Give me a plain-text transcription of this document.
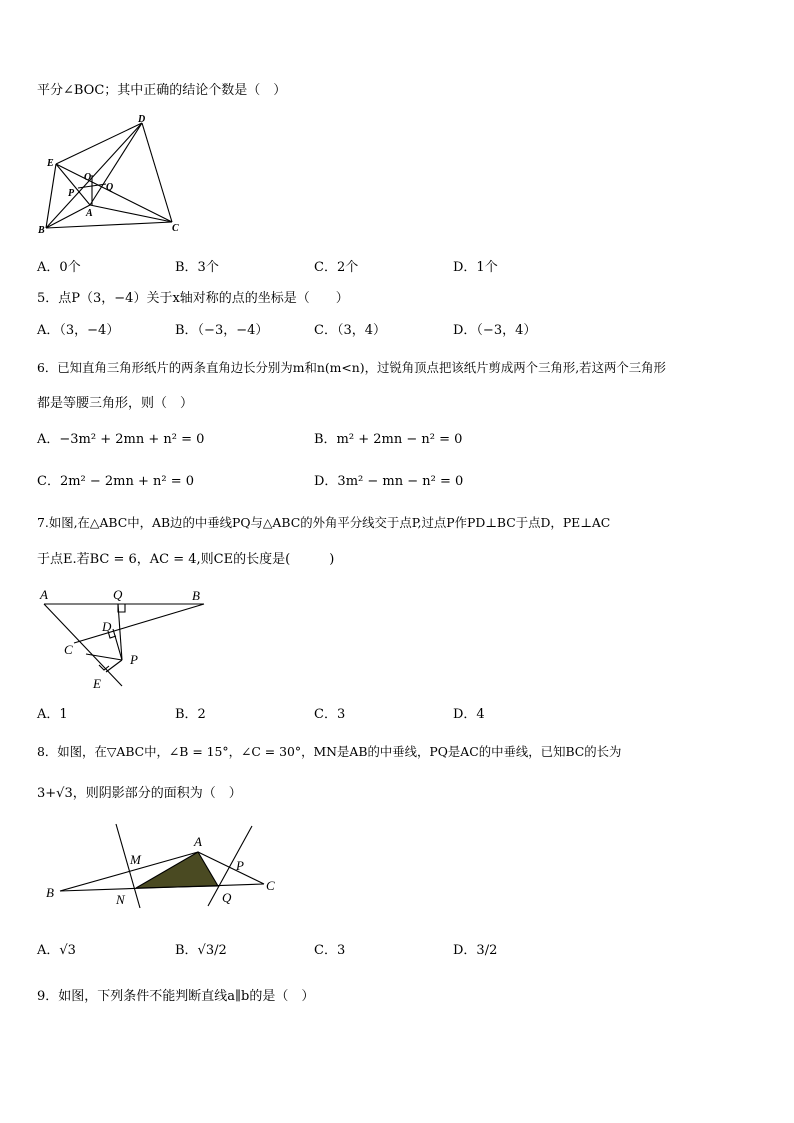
平分∠BOC；其中正确的结论个数是（　）
D
E
O
Q
P
A
B	C
A．0个	B．3个	C．2个	D．1个
5．点P（3，−4）关于x轴对称的点的坐标是（　　）
A．（3，−4）	B．（−3，−4）	C．（3，4）	D．（−3，4）
6．已知直角三角形纸片的两条直角边长分别为m和n(m<n)，过锐角顶点把该纸片剪成两个三角形,若这两个三角形
都是等腰三角形，则（　）
A．−3m² + 2mn + n² = 0	B．m² + 2mn − n² = 0
C．2m² − 2mn + n² = 0	D．3m² − mn − n² = 0
7.如图,在△ABC中，AB边的中垂线PQ与△ABC的外角平分线交于点P,过点P作PD⊥BC于点D，PE⊥AC
于点E.若BC = 6，AC = 4,则CE的长度是(　　　)
A	Q	B
D
C
P
E
A．1	B．2	C．3	D．4
8．如图，在▽ABC中，∠B = 15°，∠C = 30°，MN是AB的中垂线，PQ是AC的中垂线，已知BC的长为
3+√3，则阴影部分的面积为（　）
A
M	P
B	N	Q
C
A．√3	B．√3/2	C．3	D．3/2
9．如图，下列条件不能判断直线a∥b的是（　）
